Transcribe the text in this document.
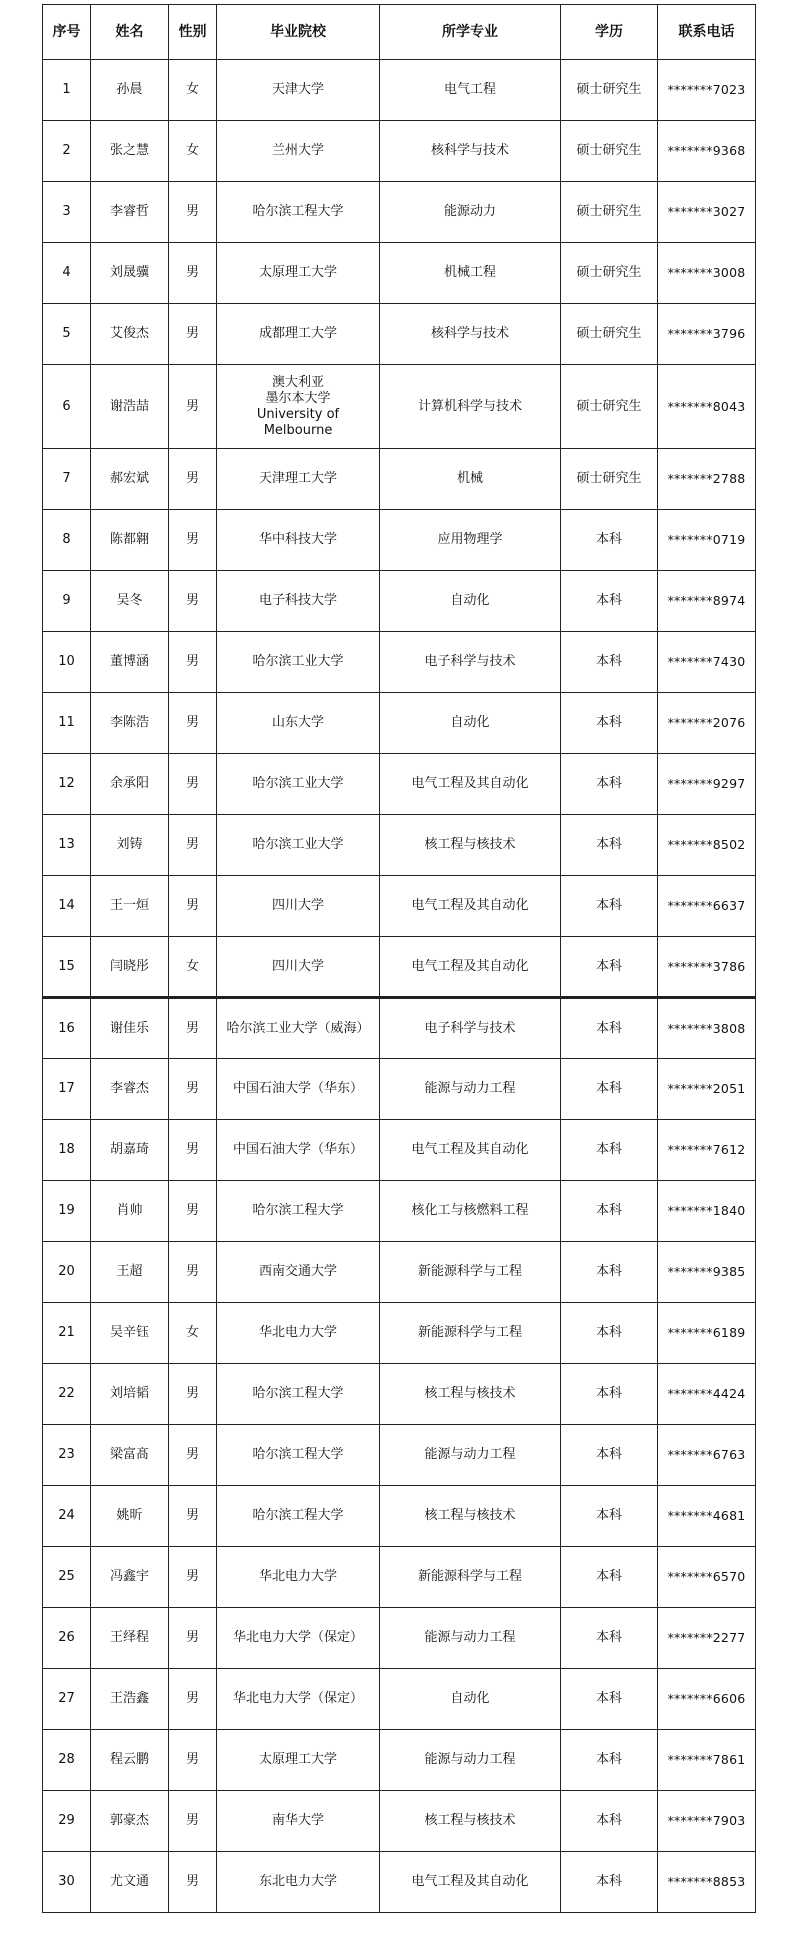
序号	姓名	性别	毕业院校	所学专业	学历	联系电话
1	孙晨	女	天津大学	电气工程	硕士研究生	*******7023
2	张之慧	女	兰州大学	核科学与技术	硕士研究生	*******9368
3	李睿哲	男	哈尔滨工程大学	能源动力	硕士研究生	*******3027
4	刘晟骥	男	太原理工大学	机械工程	硕士研究生	*******3008
5	艾俊杰	男	成都理工大学	核科学与技术	硕士研究生	*******3796
6	谢浩喆	男	澳大利亚
墨尔本大学
University of
Melbourne	计算机科学与技术	硕士研究生	*******8043
7	郝宏斌	男	天津理工大学	机械	硕士研究生	*******2788
8	陈都翱	男	华中科技大学	应用物理学	本科	*******0719
9	吴冬	男	电子科技大学	自动化	本科	*******8974
10	董博涵	男	哈尔滨工业大学	电子科学与技术	本科	*******7430
11	李陈浩	男	山东大学	自动化	本科	*******2076
12	余承阳	男	哈尔滨工业大学	电气工程及其自动化	本科	*******9297
13	刘铸	男	哈尔滨工业大学	核工程与核技术	本科	*******8502
14	王一烜	男	四川大学	电气工程及其自动化	本科	*******6637
15	闫晓彤	女	四川大学	电气工程及其自动化	本科	*******3786
16	谢佳乐	男	哈尔滨工业大学（威海）	电子科学与技术	本科	*******3808
17	李睿杰	男	中国石油大学（华东）	能源与动力工程	本科	*******2051
18	胡嘉琦	男	中国石油大学（华东）	电气工程及其自动化	本科	*******7612
19	肖帅	男	哈尔滨工程大学	核化工与核燃料工程	本科	*******1840
20	王超	男	西南交通大学	新能源科学与工程	本科	*******9385
21	吴辛钰	女	华北电力大学	新能源科学与工程	本科	*******6189
22	刘培韬	男	哈尔滨工程大学	核工程与核技术	本科	*******4424
23	梁富髙	男	哈尔滨工程大学	能源与动力工程	本科	*******6763
24	姚昕	男	哈尔滨工程大学	核工程与核技术	本科	*******4681
25	冯鑫宇	男	华北电力大学	新能源科学与工程	本科	*******6570
26	王绎程	男	华北电力大学（保定）	能源与动力工程	本科	*******2277
27	王浩鑫	男	华北电力大学（保定）	自动化	本科	*******6606
28	程云鹏	男	太原理工大学	能源与动力工程	本科	*******7861
29	郭豪杰	男	南华大学	核工程与核技术	本科	*******7903
30	尤文通	男	东北电力大学	电气工程及其自动化	本科	*******8853
